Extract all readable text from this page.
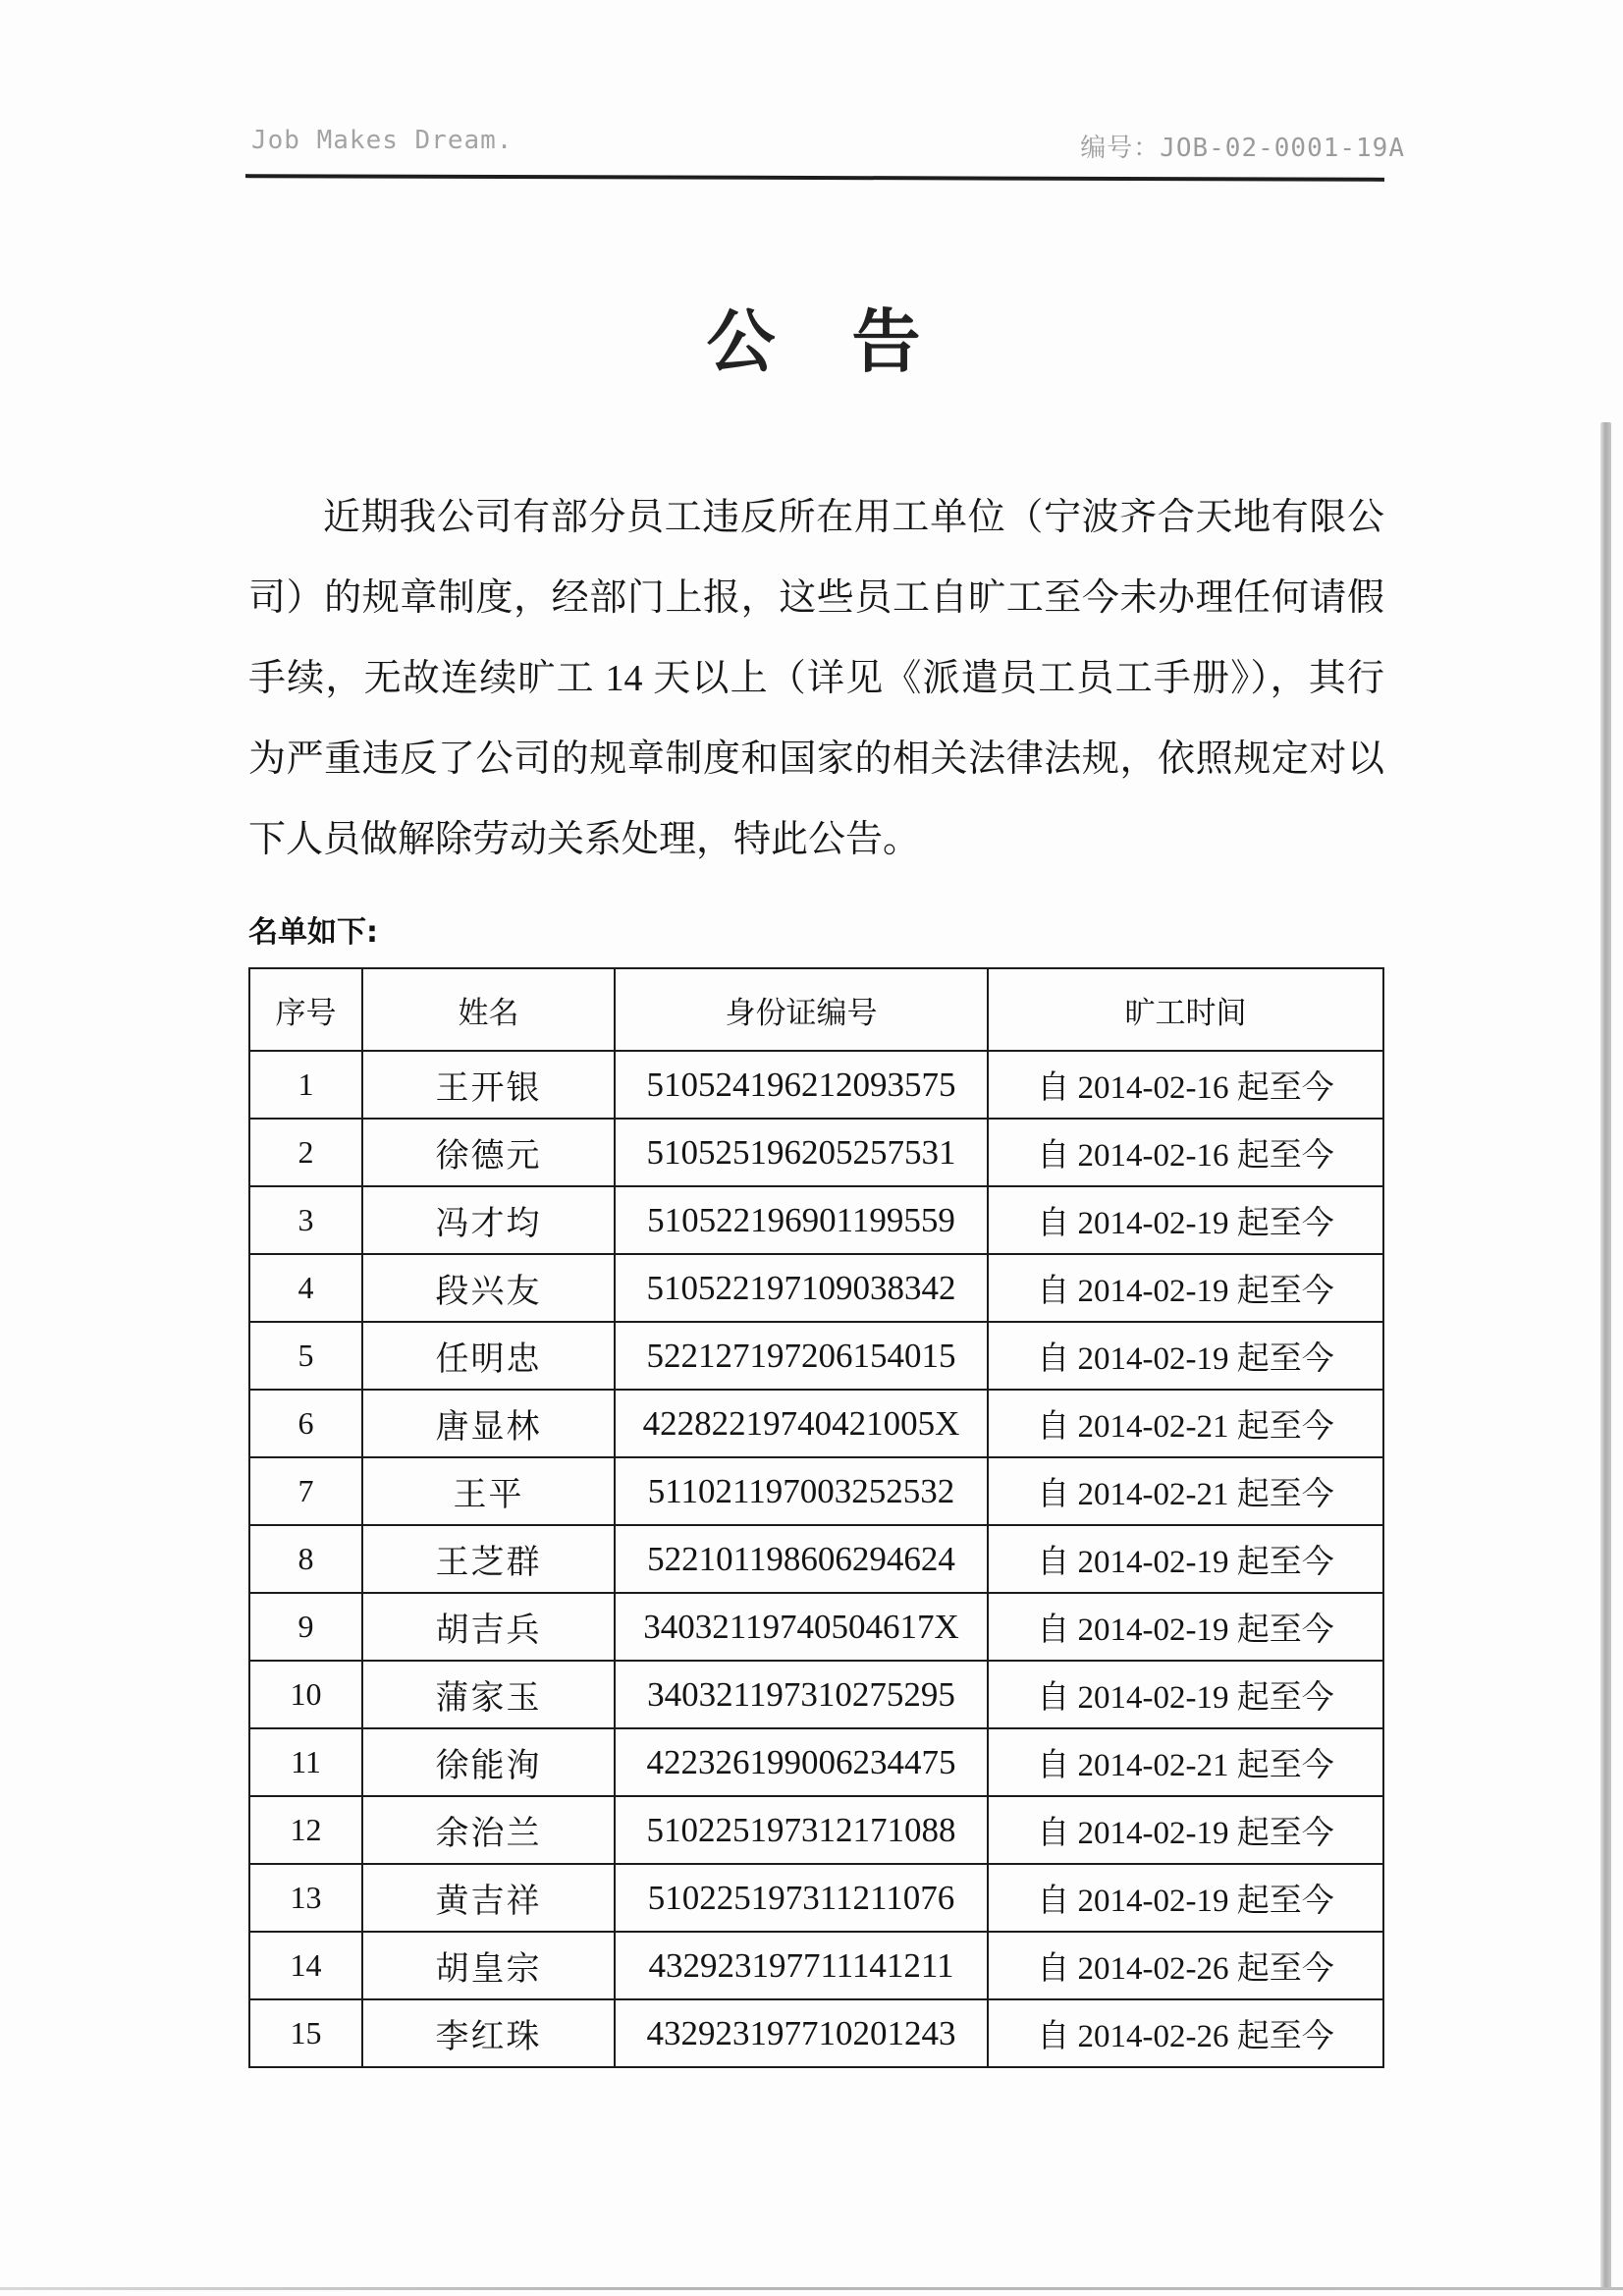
Job Makes Dream.	编号：JOB-02-0001-19A
公　告
近期我公司有部分员工违反所在用工单位（宁波齐合天地有限公
司）的规章制度，经部门上报，这些员工自旷工至今未办理任何请假
手续，无故连续旷工 14 天以上（详见《派遣员工员工手册》），其行
为严重违反了公司的规章制度和国家的相关法律法规，依照规定对以
下人员做解除劳动关系处理，特此公告。
名单如下:
序号	姓名	身份证编号	旷工时间
1	王开银	510524196212093575	自 2014-02-16 起至今
2	徐德元	510525196205257531	自 2014-02-16 起至今
3	冯才均	510522196901199559	自 2014-02-19 起至今
4	段兴友	510522197109038342	自 2014-02-19 起至今
5	任明忠	522127197206154015	自 2014-02-19 起至今
6	唐显林	42282219740421005X	自 2014-02-21 起至今
7	王平	511021197003252532	自 2014-02-21 起至今
8	王芝群	522101198606294624	自 2014-02-19 起至今
9	胡吉兵	34032119740504617X	自 2014-02-19 起至今
10	蒲家玉	340321197310275295	自 2014-02-19 起至今
11	徐能洵	422326199006234475	自 2014-02-21 起至今
12	余治兰	510225197312171088	自 2014-02-19 起至今
13	黄吉祥	510225197311211076	自 2014-02-19 起至今
14	胡皇宗	432923197711141211	自 2014-02-26 起至今
15	李红珠	432923197710201243	自 2014-02-26 起至今
